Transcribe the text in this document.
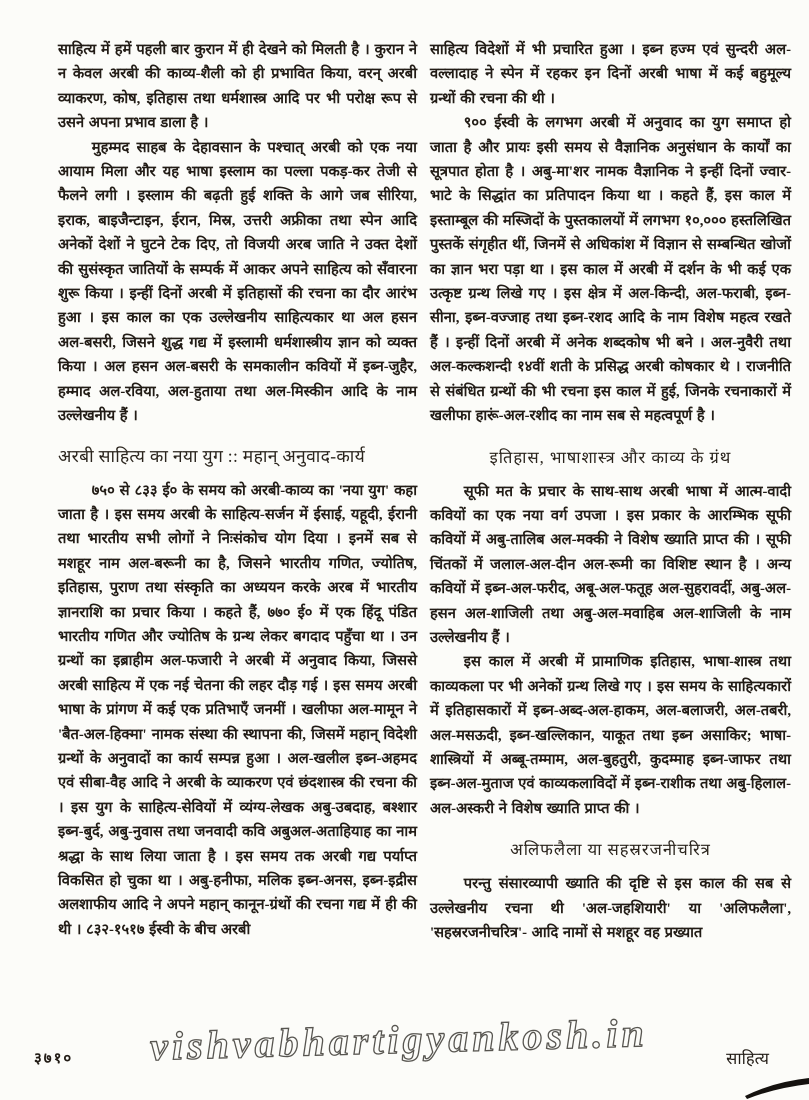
साहित्य में हमें पहली बार कुरान में ही देखने को मिलती है । कुरान ने न केवल अरबी की काव्य-शैली को ही प्रभावित किया, वरन् अरबी व्याकरण, कोष, इतिहास तथा धर्मशास्त्र आदि पर भी परोक्ष रूप से उसने अपना प्रभाव डाला है ।

मुहम्मद साहब के देहावसान के पश्चात् अरबी को एक नया आयाम मिला और यह भाषा इस्लाम का पल्ला पकड़-कर तेजी से फैलने लगी । इस्लाम की बढ़ती हुई शक्ति के आगे जब सीरिया, इराक, बाइजैन्टाइन, ईरान, मिस्र, उत्तरी अफ्रीका तथा स्पेन आदि अनेकों देशों ने घुटने टेक दिए, तो विजयी अरब जाति ने उक्त देशों की सुसंस्कृत जातियों के सम्पर्क में आकर अपने साहित्य को सँवारना शुरू किया । इन्हीं दिनों अरबी में इतिहासों की रचना का दौर आरंभ हुआ । इस काल का एक उल्लेखनीय साहित्यकार था अल हसन अल-बसरी, जिसने शुद्ध गद्य में इस्लामी धर्मशास्त्रीय ज्ञान को व्यक्त किया । अल हसन अल-बसरी के समकालीन कवियों में इब्न-जुहैर, हम्माद अल-रविया, अल-हुताया तथा अल-मिस्कीन आदि के नाम उल्लेखनीय हैं ।

अरबी साहित्य का नया युग :: महान् अनुवाद-कार्य

७५० से ८३३ ई० के समय को अरबी-काव्य का 'नया युग' कहा जाता है । इस समय अरबी के साहित्य-सर्जन में ईसाई, यहूदी, ईरानी तथा भारतीय सभी लोगों ने निःसंकोच योग दिया । इनमें सब से मशहूर नाम अल-बरूनी का है, जिसने भारतीय गणित, ज्योतिष, इतिहास, पुराण तथा संस्कृति का अध्ययन करके अरब में भारतीय ज्ञानराशि का प्रचार किया । कहते हैं, ७७० ई० में एक हिंदू पंडित भारतीय गणित और ज्योतिष के ग्रन्थ लेकर बगदाद पहुँचा था । उन ग्रन्थों का इब्राहीम अल-फजारी ने अरबी में अनुवाद किया, जिससे अरबी साहित्य में एक नई चेतना की लहर दौड़ गई । इस समय अरबी भाषा के प्रांगण में कई एक प्रतिभाएँ जनमीं । खलीफा अल-मामून ने 'बैत-अल-हिक्मा' नामक संस्था की स्थापना की, जिसमें महान् विदेशी ग्रन्थों के अनुवादों का कार्य सम्पन्न हुआ । अल-खलील इब्न-अहमद एवं सीबा-वैह आदि ने अरबी के व्याकरण एवं छंदशास्त्र की रचना की । इस युग के साहित्य-सेवियों में व्यंग्य-लेखक अबु-उबदाह, बश्शार इब्न-बुर्द, अबु-नुवास तथा जनवादी कवि अबुअल-अताहियाह का नाम श्रद्धा के साथ लिया जाता है । इस समय तक अरबी गद्य पर्याप्त विकसित हो चुका था । अबु-हनीफा, मलिक इब्न-अनस, इब्न-इद्रीस अलशाफीय आदि ने अपने महान् कानून-ग्रंथों की रचना गद्य में ही की थी । ८३२-१५१७ ईस्वी के बीच अरबी

साहित्य विदेशों में भी प्रचारित हुआ । इब्न हज्म एवं सुन्दरी अल-वल्लादाह ने स्पेन में रहकर इन दिनों अरबी भाषा में कई बहुमूल्य ग्रन्थों की रचना की थी ।

९०० ईस्वी के लगभग अरबी में अनुवाद का युग समाप्त हो जाता है और प्रायः इसी समय से वैज्ञानिक अनुसंधान के कार्यों का सूत्रपात होता है । अबु-मा'शर नामक वैज्ञानिक ने इन्हीं दिनों ज्वार-भाटे के सिद्धांत का प्रतिपादन किया था । कहते हैं, इस काल में इस्ताम्बूल की मस्जिदों के पुस्तकालयों में लगभग १०,००० हस्तलिखित पुस्तकें संगृहीत थीं, जिनमें से अधिकांश में विज्ञान से सम्बन्धित खोजों का ज्ञान भरा पड़ा था । इस काल में अरबी में दर्शन के भी कई एक उत्कृष्ट ग्रन्थ लिखे गए । इस क्षेत्र में अल-किन्दी, अल-फराबी, इब्न-सीना, इब्न-वज्जाह तथा इब्न-रशद आदि के नाम विशेष महत्व रखते हैं । इन्हीं दिनों अरबी में अनेक शब्दकोष भी बने । अल-नुवैरी तथा अल-कल्कशन्दी १४वीं शती के प्रसिद्ध अरबी कोषकार थे । राजनीति से संबंधित ग्रन्थों की भी रचना इस काल में हुई, जिनके रचनाकारों में खलीफा हारूं-अल-रशीद का नाम सब से महत्वपूर्ण है ।

इतिहास, भाषाशास्त्र और काव्य के ग्रंथ

सूफी मत के प्रचार के साथ-साथ अरबी भाषा में आत्म-वादी कवियों का एक नया वर्ग उपजा । इस प्रकार के आरम्भिक सूफी कवियों में अबु-तालिब अल-मक्की ने विशेष ख्याति प्राप्त की । सूफी चिंतकों में जलाल-अल-दीन अल-रूमी का विशिष्ट स्थान है । अन्य कवियों में इब्न-अल-फरीद, अबू-अल-फतूह अल-सुहरावर्दी, अबु-अल-हसन अल-शाजिली तथा अबु-अल-मवाहिब अल-शाजिली के नाम उल्लेखनीय हैं ।

इस काल में अरबी में प्रामाणिक इतिहास, भाषा-शास्त्र तथा काव्यकला पर भी अनेकों ग्रन्थ लिखे गए । इस समय के साहित्यकारों में इतिहासकारों में इब्न-अब्द-अल-हाकम, अल-बलाजरी, अल-तबरी, अल-मसऊदी, इब्न-खल्लिकान, याकूत तथा इब्न असाकिर; भाषा-शास्त्रियों में अब्बू-तम्माम, अल-बुहतुरी, कुदम्माह इब्न-जाफर तथा इब्न-अल-मुताज एवं काव्यकलाविदों में इब्न-राशीक तथा अबु-हिलाल-अल-अस्करी ने विशेष ख्याति प्राप्त की ।

अलिफलैला या सहस्ररजनीचरित्र

परन्तु संसारव्यापी ख्याति की दृष्टि से इस काल की सब से उल्लेखनीय रचना थी 'अल-जहशियारी' या 'अलिफलैला', 'सहस्ररजनीचरित्र'- आदि नामों से मशहूर वह प्रख्यात

vishvabhartigyankosh.in
३७१०	साहित्य
